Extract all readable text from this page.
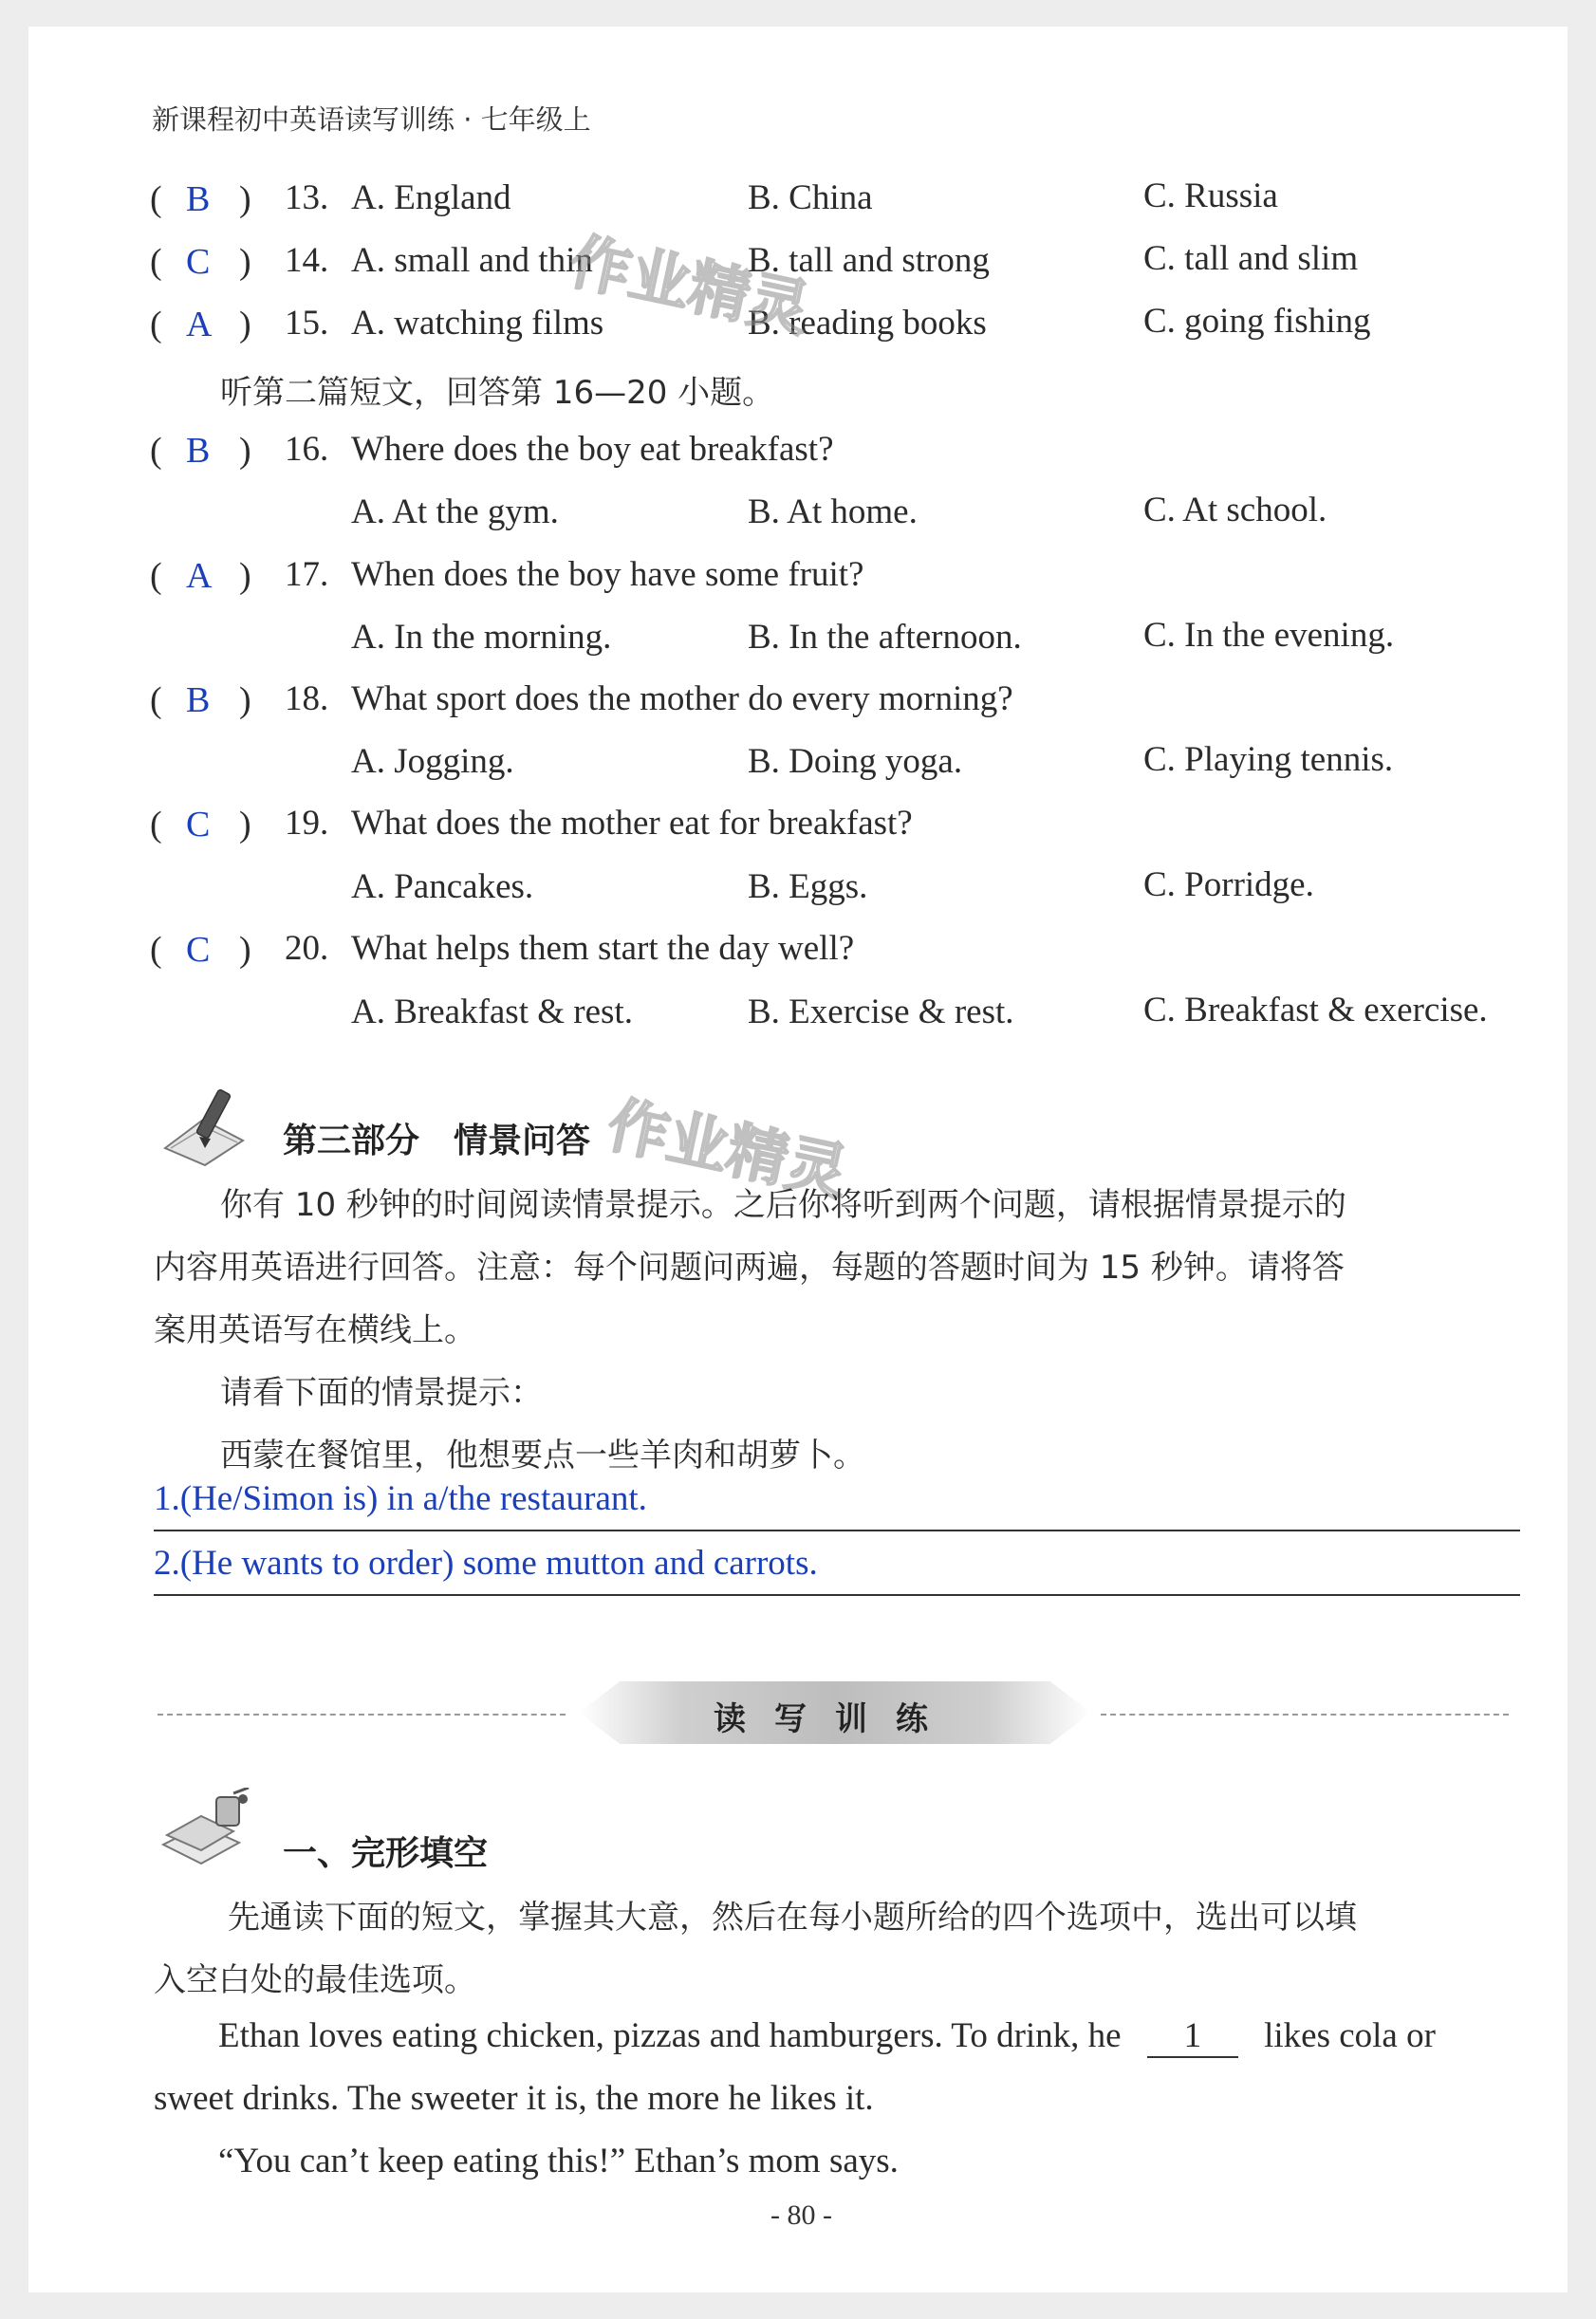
新课程初中英语读写训练 · 七年级上
( B ) 13. A. England	B. China	C. Russia
( C ) 14. A. small and thin	B. tall and strong	C. tall and slim
( A ) 15. A. watching films	B. reading books	C. going fishing
作业精灵
听第二篇短文，回答第 16—20 小题。
( B ) 16. Where does the boy eat breakfast?
A. At the gym.	B. At home.	C. At school.
( A ) 17. When does the boy have some fruit?
A. In the morning.	B. In the afternoon.	C. In the evening.
( B ) 18. What sport does the mother do every morning?
A. Jogging.	B. Doing yoga.	C. Playing tennis.
( C ) 19. What does the mother eat for breakfast?
A. Pancakes.	B. Eggs.	C. Porridge.
( C ) 20. What helps them start the day well?
A. Breakfast & rest.	B. Exercise & rest.	C. Breakfast & exercise.
第三部分　情景问答 作业精灵
你有 10 秒钟的时间阅读情景提示。之后你将听到两个问题，请根据情景提示的
内容用英语进行回答。注意：每个问题问两遍，每题的答题时间为 15 秒钟。请将答
案用英语写在横线上。
请看下面的情景提示：
西蒙在餐馆里，他想要点一些羊肉和胡萝卜。
1.(He/Simon is) in a/the restaurant.
2.(He wants to order) some mutton and carrots.
读写训练
一、完形填空
先通读下面的短文，掌握其大意，然后在每小题所给的四个选项中，选出可以填
入空白处的最佳选项。
Ethan loves eating chicken, pizzas and hamburgers. To drink, he 1 likes cola or
sweet drinks. The sweeter it is, the more he likes it.
“You can’t keep eating this!” Ethan’s mom says.
- 80 -
